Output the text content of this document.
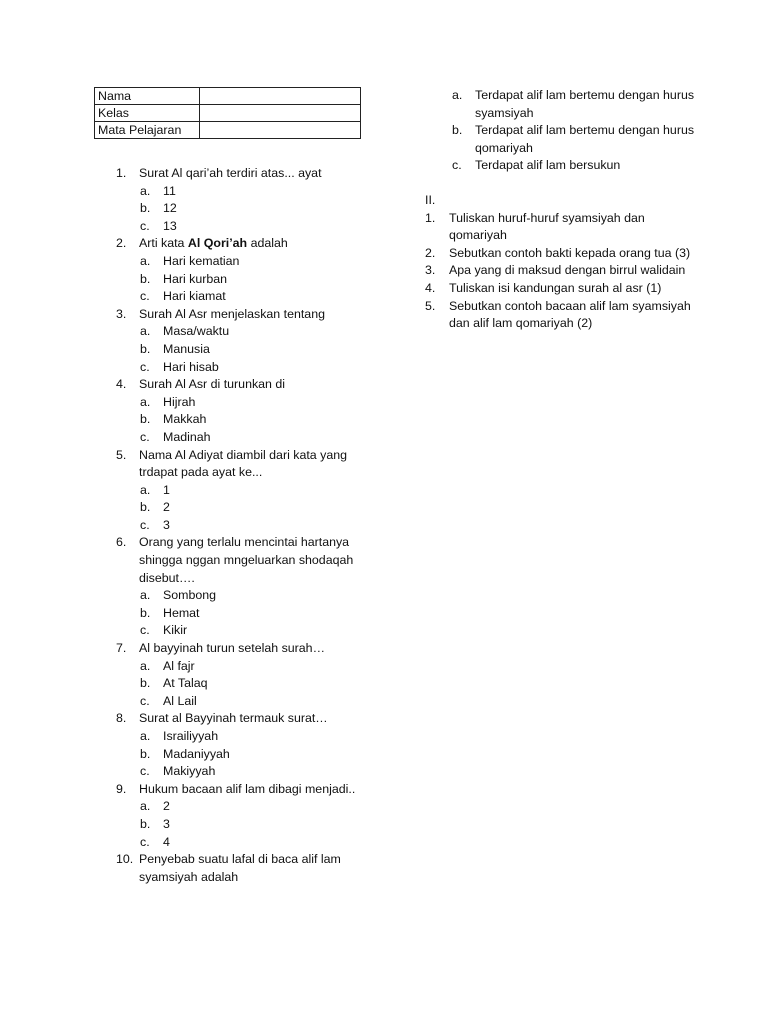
Nama	
Kelas	
Mata Pelajaran	
1.	Surat Al qari’ah terdiri atas... ayat
a.	11
b.	12
c.	13
2.	Arti kata Al Qori’ah adalah
a.	Hari kematian
b.	Hari kurban
c.	Hari kiamat
3.	Surah Al Asr menjelaskan tentang
a.	Masa/waktu
b.	Manusia
c.	Hari hisab
4.	Surah Al Asr di turunkan di
a.	Hijrah
b.	Makkah
c.	Madinah
5.	Nama Al Adiyat diambil dari kata yang trdapat pada ayat ke...
a.	1
b.	2
c.	3
6.	Orang yang terlalu mencintai hartanya shingga nggan mngeluarkan shodaqah disebut….
a.	Sombong
b.	Hemat
c.	Kikir
7.	Al bayyinah turun setelah surah…
a.	Al fajr
b.	At Talaq
c.	Al Lail
8.	Surat al Bayyinah termauk surat…
a.	Israiliyyah
b.	Madaniyyah
c.	Makiyyah
9.	Hukum bacaan alif lam dibagi menjadi..
a.	2
b.	3
c.	4
10. Penyebab suatu lafal di baca alif lam syamsiyah adalah
a.	Terdapat alif lam bertemu dengan hurus syamsiyah
b.	Terdapat alif lam bertemu dengan hurus qomariyah
c.	Terdapat alif lam bersukun
II.
1.	Tuliskan huruf-huruf syamsiyah dan qomariyah
2.	Sebutkan contoh bakti kepada orang tua (3)
3.	Apa yang di maksud dengan birrul walidain
4.	Tuliskan isi kandungan surah al asr (1)
5.	Sebutkan contoh bacaan alif lam syamsiyah dan alif lam qomariyah (2)
